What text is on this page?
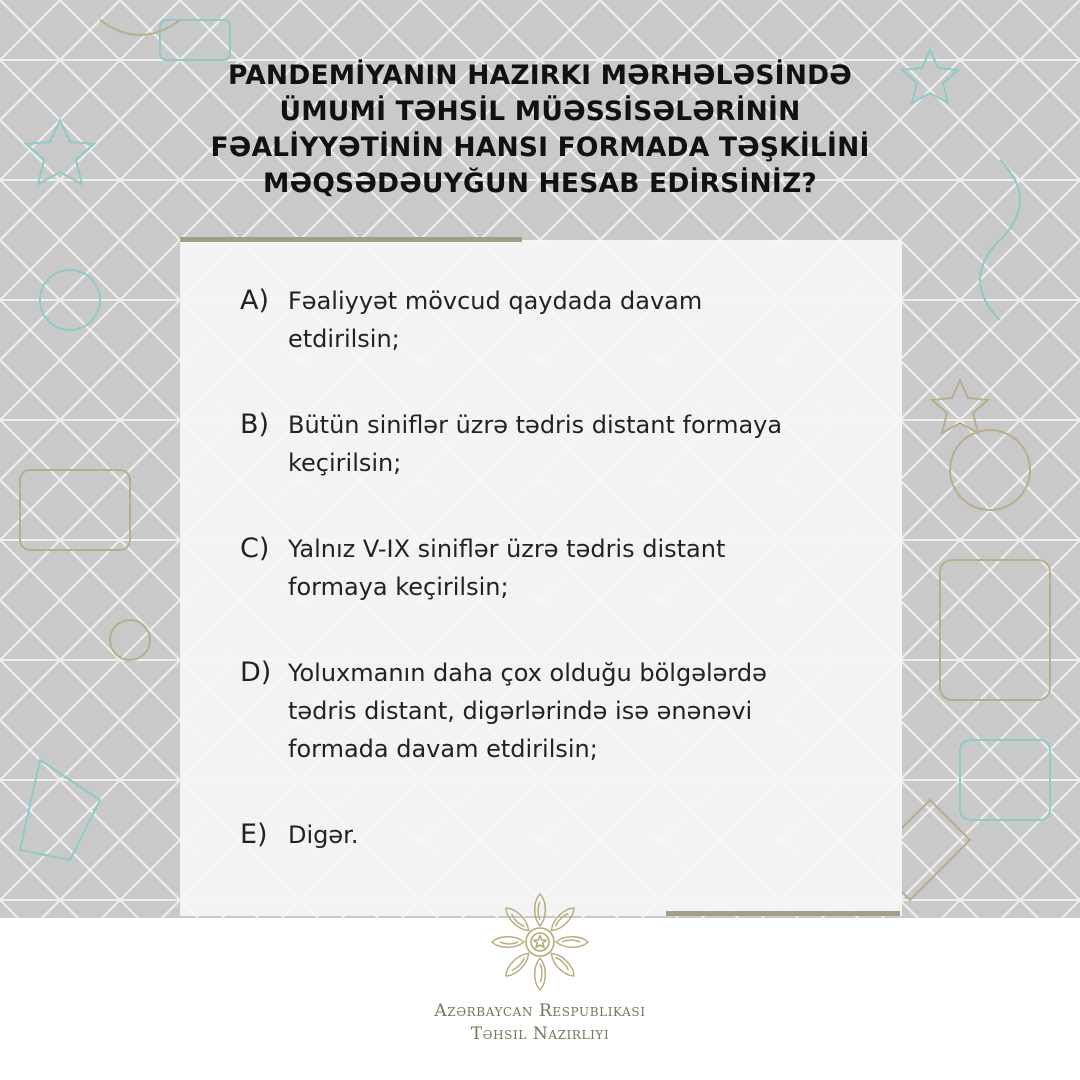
PANDEMİYANIN HAZIRKI MƏRHƏLƏSİNDƏ
ÜMUMİ TƏHSİL MÜƏSSİSƏLƏRİNİN
FƏALİYYƏTİNİN HANSI FORMADA TƏŞKİLİNİ
MƏQSƏDƏUYĞUN HESAB EDİRSİNİZ?
A) Fəaliyyət mövcud qaydada davam
etdirilsin;
B) Bütün siniflər üzrə tədris distant formaya
keçirilsin;
C) Yalnız V-IX siniflər üzrə tədris distant
formaya keçirilsin;
D) Yoluxmanın daha çox olduğu bölgələrdə
tədris distant, digərlərində isə ənənəvi
formada davam etdirilsin;
E) Digər.
Azərbaycan Respublikası
Təhsil Nazirliyi
